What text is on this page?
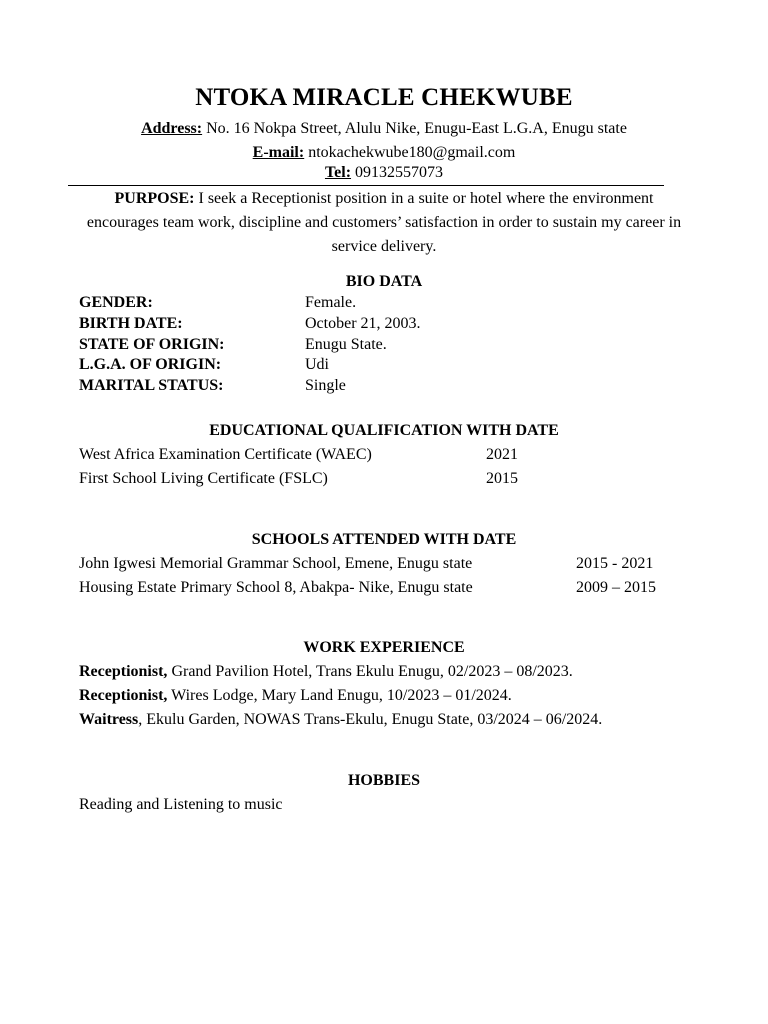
NTOKA MIRACLE CHEKWUBE
Address: No. 16 Nokpa Street, Alulu Nike, Enugu-East L.G.A, Enugu state
E-mail: ntokachekwube180@gmail.com
Tel: 09132557073
PURPOSE: I seek a Receptionist position in a suite or hotel where the environment encourages team work, discipline and customers’ satisfaction in order to sustain my career in service delivery.
BIO DATA
GENDER:	Female.
BIRTH DATE:	October 21, 2003.
STATE OF ORIGIN:	Enugu State.
L.G.A. OF ORIGIN:	Udi
MARITAL STATUS:	Single
EDUCATIONAL QUALIFICATION WITH DATE
West Africa Examination Certificate (WAEC)	2021
First School Living Certificate (FSLC)	2015
SCHOOLS ATTENDED WITH DATE
John Igwesi Memorial Grammar School, Emene, Enugu state	2015 - 2021
Housing Estate Primary School 8, Abakpa- Nike, Enugu state	2009 – 2015
WORK EXPERIENCE
Receptionist, Grand Pavilion Hotel, Trans Ekulu Enugu, 02/2023 – 08/2023.
Receptionist, Wires Lodge, Mary Land Enugu, 10/2023 – 01/2024.
Waitress, Ekulu Garden, NOWAS Trans-Ekulu, Enugu State, 03/2024 – 06/2024.
HOBBIES
Reading and Listening to music
